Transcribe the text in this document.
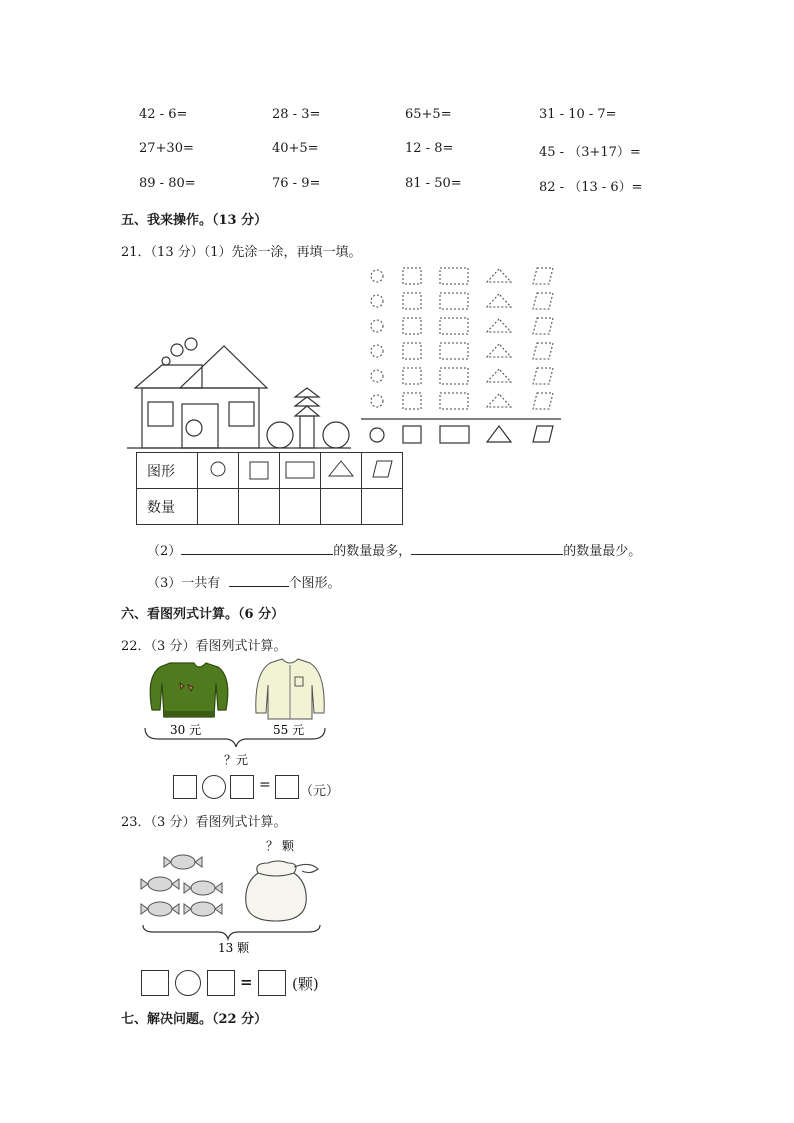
42 - 6=	28 - 3=	65+5=	31 - 10 - 7=
27+30=	40+5=	12 - 8=	45 - （3+17）=
89 - 80=	76 - 9=	81 - 50=	82 - （13 - 6）=
五、我来操作。（13 分）
21．（13 分）（1）先涂一涂，再填一填。
图形					
数量					
（2）	的数量最多，	的数量最少。
（3）一共有	个图形。
六、看图列式计算。（6 分）
22．（3 分）看图列式计算。
30 元	55 元
？元
= （元）
23．（3 分）看图列式计算。
？ 颗
13 颗
=	(颗)
七、解决问题。（22 分）
